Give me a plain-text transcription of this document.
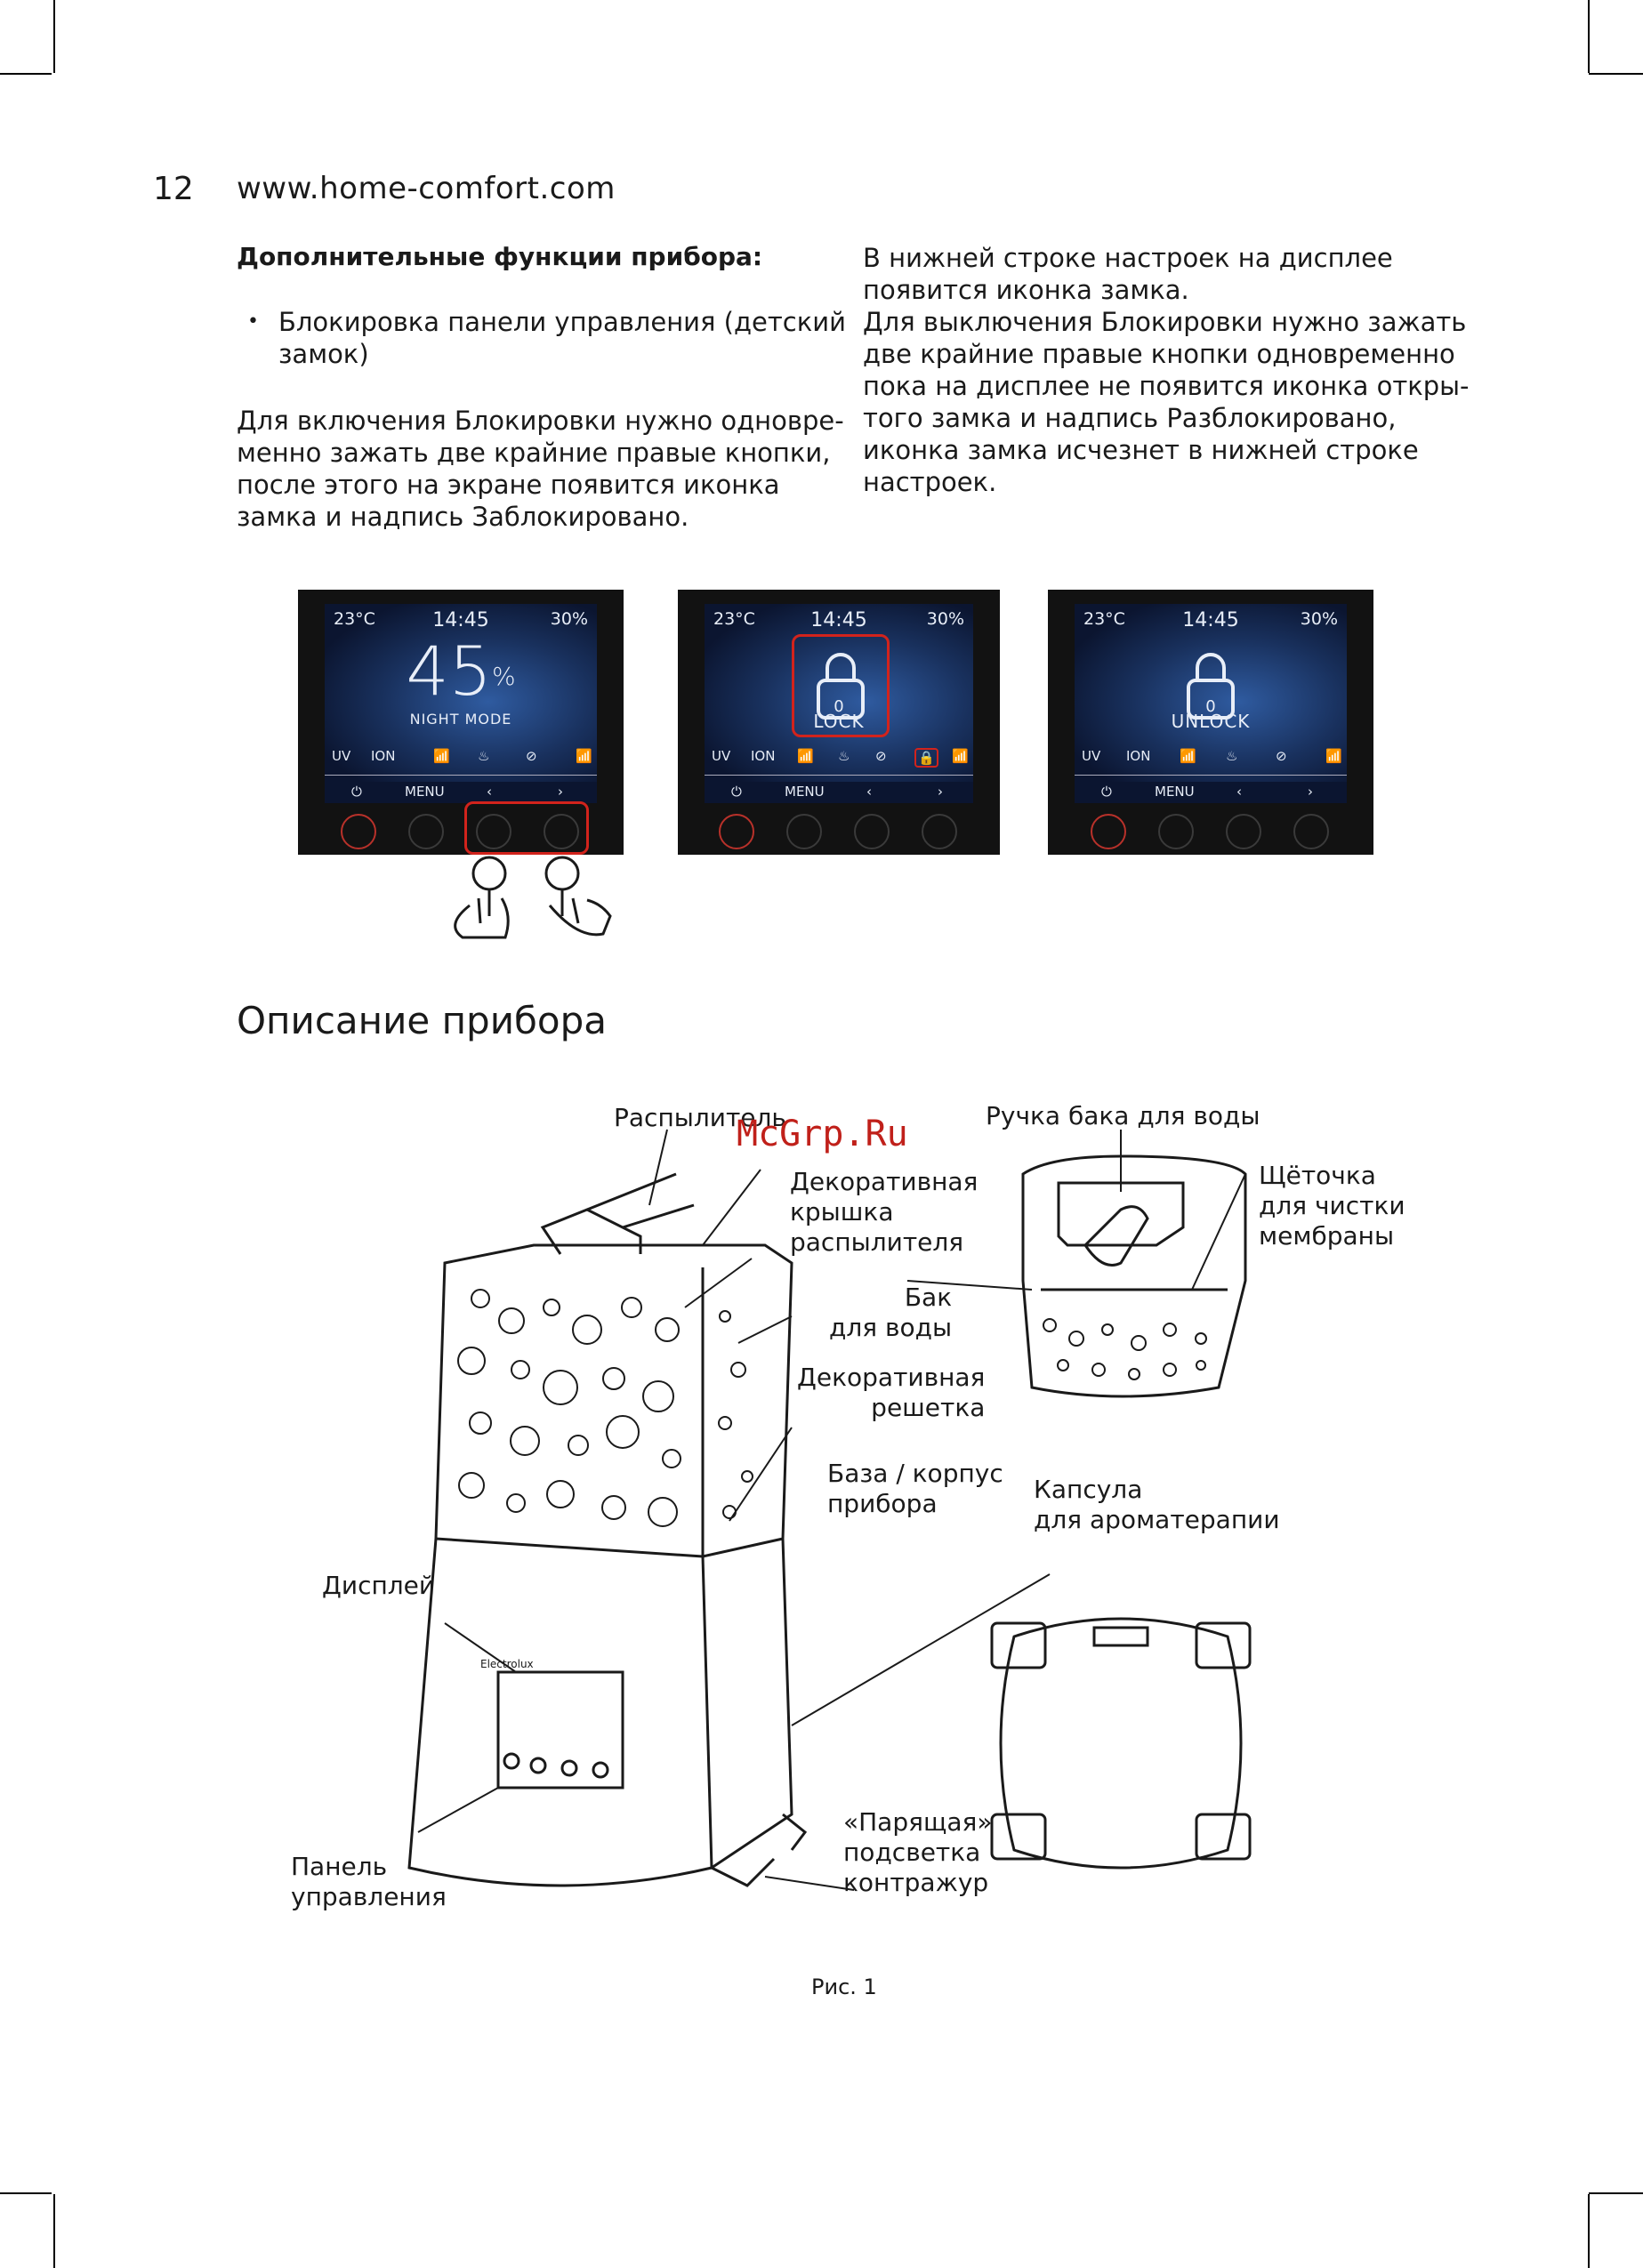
12 www.home-comfort.com
Дополнительные функции прибора:
• Блокировка панели управления (детский замок)

Для включения Блокировки нужно одновре-

менно зажать две крайние правые кнопки,

после этого на экране появится иконка

замка и надпись Заблокировано.

В нижней строке настроек на дисплее

появится иконка замка.

Для выключения Блокировки нужно зажать

две крайние правые кнопки одновременно

пока на дисплее не появится иконка откры-

того замка и надпись Разблокировано,

иконка замка исчезнет в нижней строке

настроек.

23°C	14:45	30%
45%
NIGHT MODE
UV ION	📶 ♨	⊘	📶
⏻	MENU	‹	›
23°C	14:45	30%
0
LOCK
UV ION 📶 ♨ ⊘ 🔒 📶
⏻	MENU	‹	›
23°C	14:45	30%
0
UNLOCK
UV ION 📶 ♨	⊘	📶
⏻	MENU	‹	›
Описание прибора
Electrolux
Распылитель
McGrp.Ru	Ручка бака для воды
Декоративная
крышка
распылителя
Щёточка
для чистки
мембраны
Бак
для воды
Декоративная
решетка
База / корпус
прибора	Капсула
для ароматерапии
Дисплей
Панель
управления
«Парящая»
подсветка
контражур
Рис. 1
